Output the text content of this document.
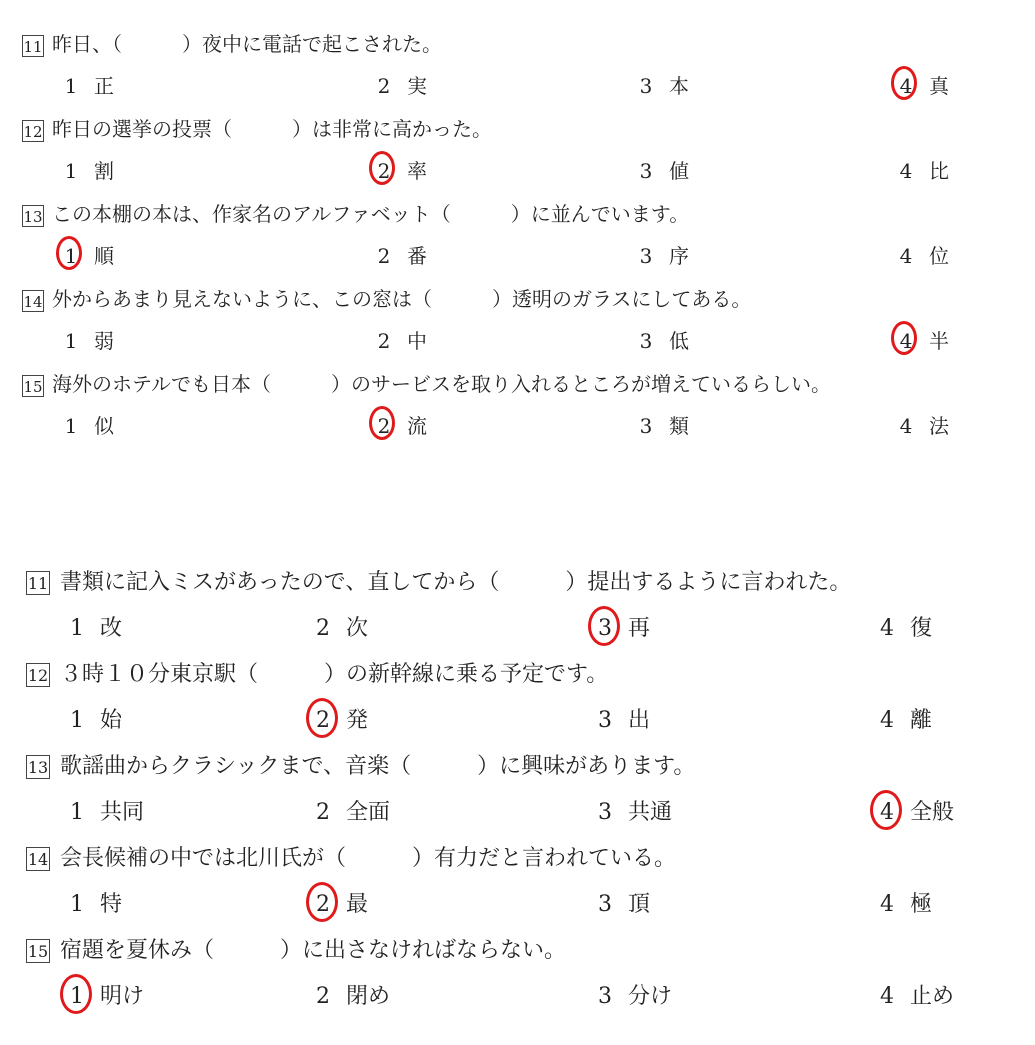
11 昨日、（　　　）夜中に電話で起こされた。
1 正	2 実	3 本	4 真
12 昨日の選挙の投票（　　　）は非常に高かった。
1 割	2 率	3 値	4 比
13 この本棚の本は、作家名のアルファベット（　　　）に並んでいます。
1 順	2 番	3 序	4 位
14 外からあまり見えないように、この窓は（　　　）透明のガラスにしてある。
1 弱	2 中	3 低	4 半
15 海外のホテルでも日本（　　　）のサービスを取り入れるところが増えているらしい。
1 似	2 流	3 類	4 法
11 書類に記入ミスがあったので、直してから（　　　）提出するように言われた。
1 改	2 次	3 再	4 復
12 ３時１０分東京駅（　　　）の新幹線に乗る予定です。
1 始	2 発	3 出	4 離
13 歌謡曲からクラシックまで、音楽（　　　）に興味があります。
1 共同	2 全面	3 共通	4 全般
14 会長候補の中では北川氏が（　　　）有力だと言われている。
1 特	2 最	3 頂	4 極
15 宿題を夏休み（　　　）に出さなければならない。
1 明け	2 閉め	3 分け	4 止め
